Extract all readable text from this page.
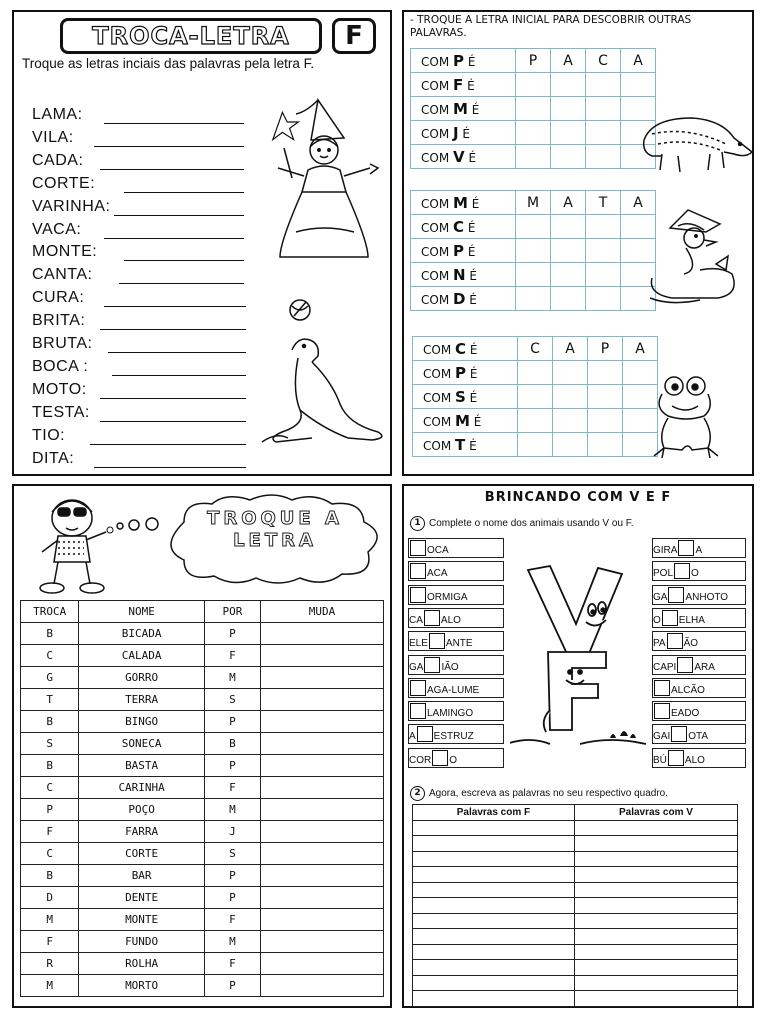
TROCA-LETRA	F
Troque as letras inciais das palavras pela letra F.
LAMA:
VILA:
CADA:
CORTE:
VARINHA:
VACA:
MONTE:
CANTA:
CURA:
BRITA:
BRUTA:
BOCA :
MOTO:
TESTA:
TIO:
DITA:
- TROQUE A LETRA INICIAL PARA DESCOBRIR OUTRAS PALAVRAS.
COM P É	P	A	C	A
COM F É				
COM M É				
COM J É				
COM V É				
COM M É	M	A	T	A
COM C É				
COM P É				
COM N É				
COM D É				
COM C É	C	A	P	A
COM P É				
COM S É				
COM M É				
COM T É				
TROQUE A LETRA
TROCA	NOME	POR	MUDA
B	BICADA	P	
C	CALADA	F	
G	GORRO	M	
T	TERRA	S	
B	BINGO	P	
S	SONECA	B	
B	BASTA	P	
C	CARINHA	F	
P	POÇO	M	
F	FARRA	J	
C	CORTE	S	
B	BAR	P	
D	DENTE	P	
M	MONTE	F	
F	FUNDO	M	
R	ROLHA	F	
M	MORTO	P	
BRINCANDO COM V E F
1 Complete o nome dos animais usando V ou F.
OCA
ACA
ORMIGA
CA ALO
ELE ANTE
GA IÃO
AGA-LUME
LAMINGO
A ESTRUZ
COR O
GIRA A
POL O
GA ANHOTO
O ELHA
PA ÃO
CAPI ARA
ALCÃO
EADO
GAI OTA
BÚ ALO
2 Agora, escreva as palavras no seu respectivo quadro.
Palavras com F	Palavras com V
